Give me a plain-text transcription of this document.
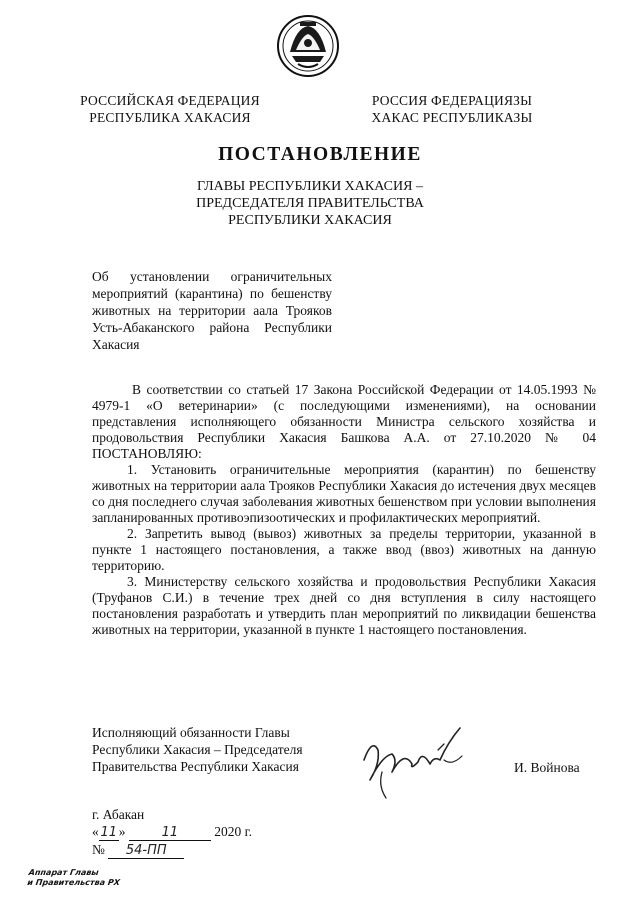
РОССИЙСКАЯ ФЕДЕРАЦИЯ
РЕСПУБЛИКА ХАКАСИЯ
РОССИЯ ФЕДЕРАЦИЯЗЫ
ХАКАС РЕСПУБЛИКАЗЫ
ПОСТАНОВЛЕНИЕ
ГЛАВЫ РЕСПУБЛИКИ ХАКАСИЯ –
ПРЕДСЕДАТЕЛЯ ПРАВИТЕЛЬСТВА
РЕСПУБЛИКИ ХАКАСИЯ
Об установлении ограничительных мероприятий (карантина) по бешенству животных на территории аала Трояков Усть-Абаканского района Республики Хакасия

В соответствии со статьей 17 Закона Российской Федерации от 14.05.1993 № 4979-1 «О ветеринарии» (с последующими изменениями), на основании представления исполняющего обязанности Министра сельского хозяйства и продовольствия Республики Хакасия Башкова А.А. от 27.10.2020 № 04 ПОСТАНОВЛЯЮ:

1. Установить ограничительные мероприятия (карантин) по бешенству животных на территории аала Трояков Республики Хакасия до истечения двух месяцев со дня последнего случая заболевания животных бешенством при условии выполнения запланированных противоэпизоотических и профилактических мероприятий.

2. Запретить вывод (вывоз) животных за пределы территории, указанной в пункте 1 настоящего постановления, а также ввод (ввоз) животных на данную территорию.

3. Министерству сельского хозяйства и продовольствия Республики Хакасия (Труфанов С.И.) в течение трех дней со дня вступления в силу настоящего постановления разработать и утвердить план мероприятий по ликвидации бешенства животных на территории, указанной в пункте 1 настоящего постановления.

Исполняющий обязанности Главы
Республики Хакасия – Председателя
Правительства Республики Хакасия	И. Войнова
г. Абакан
« 11 »	11	2020 г.
№ 54-ПП
Аппарат Главы
и Правительства РХ
